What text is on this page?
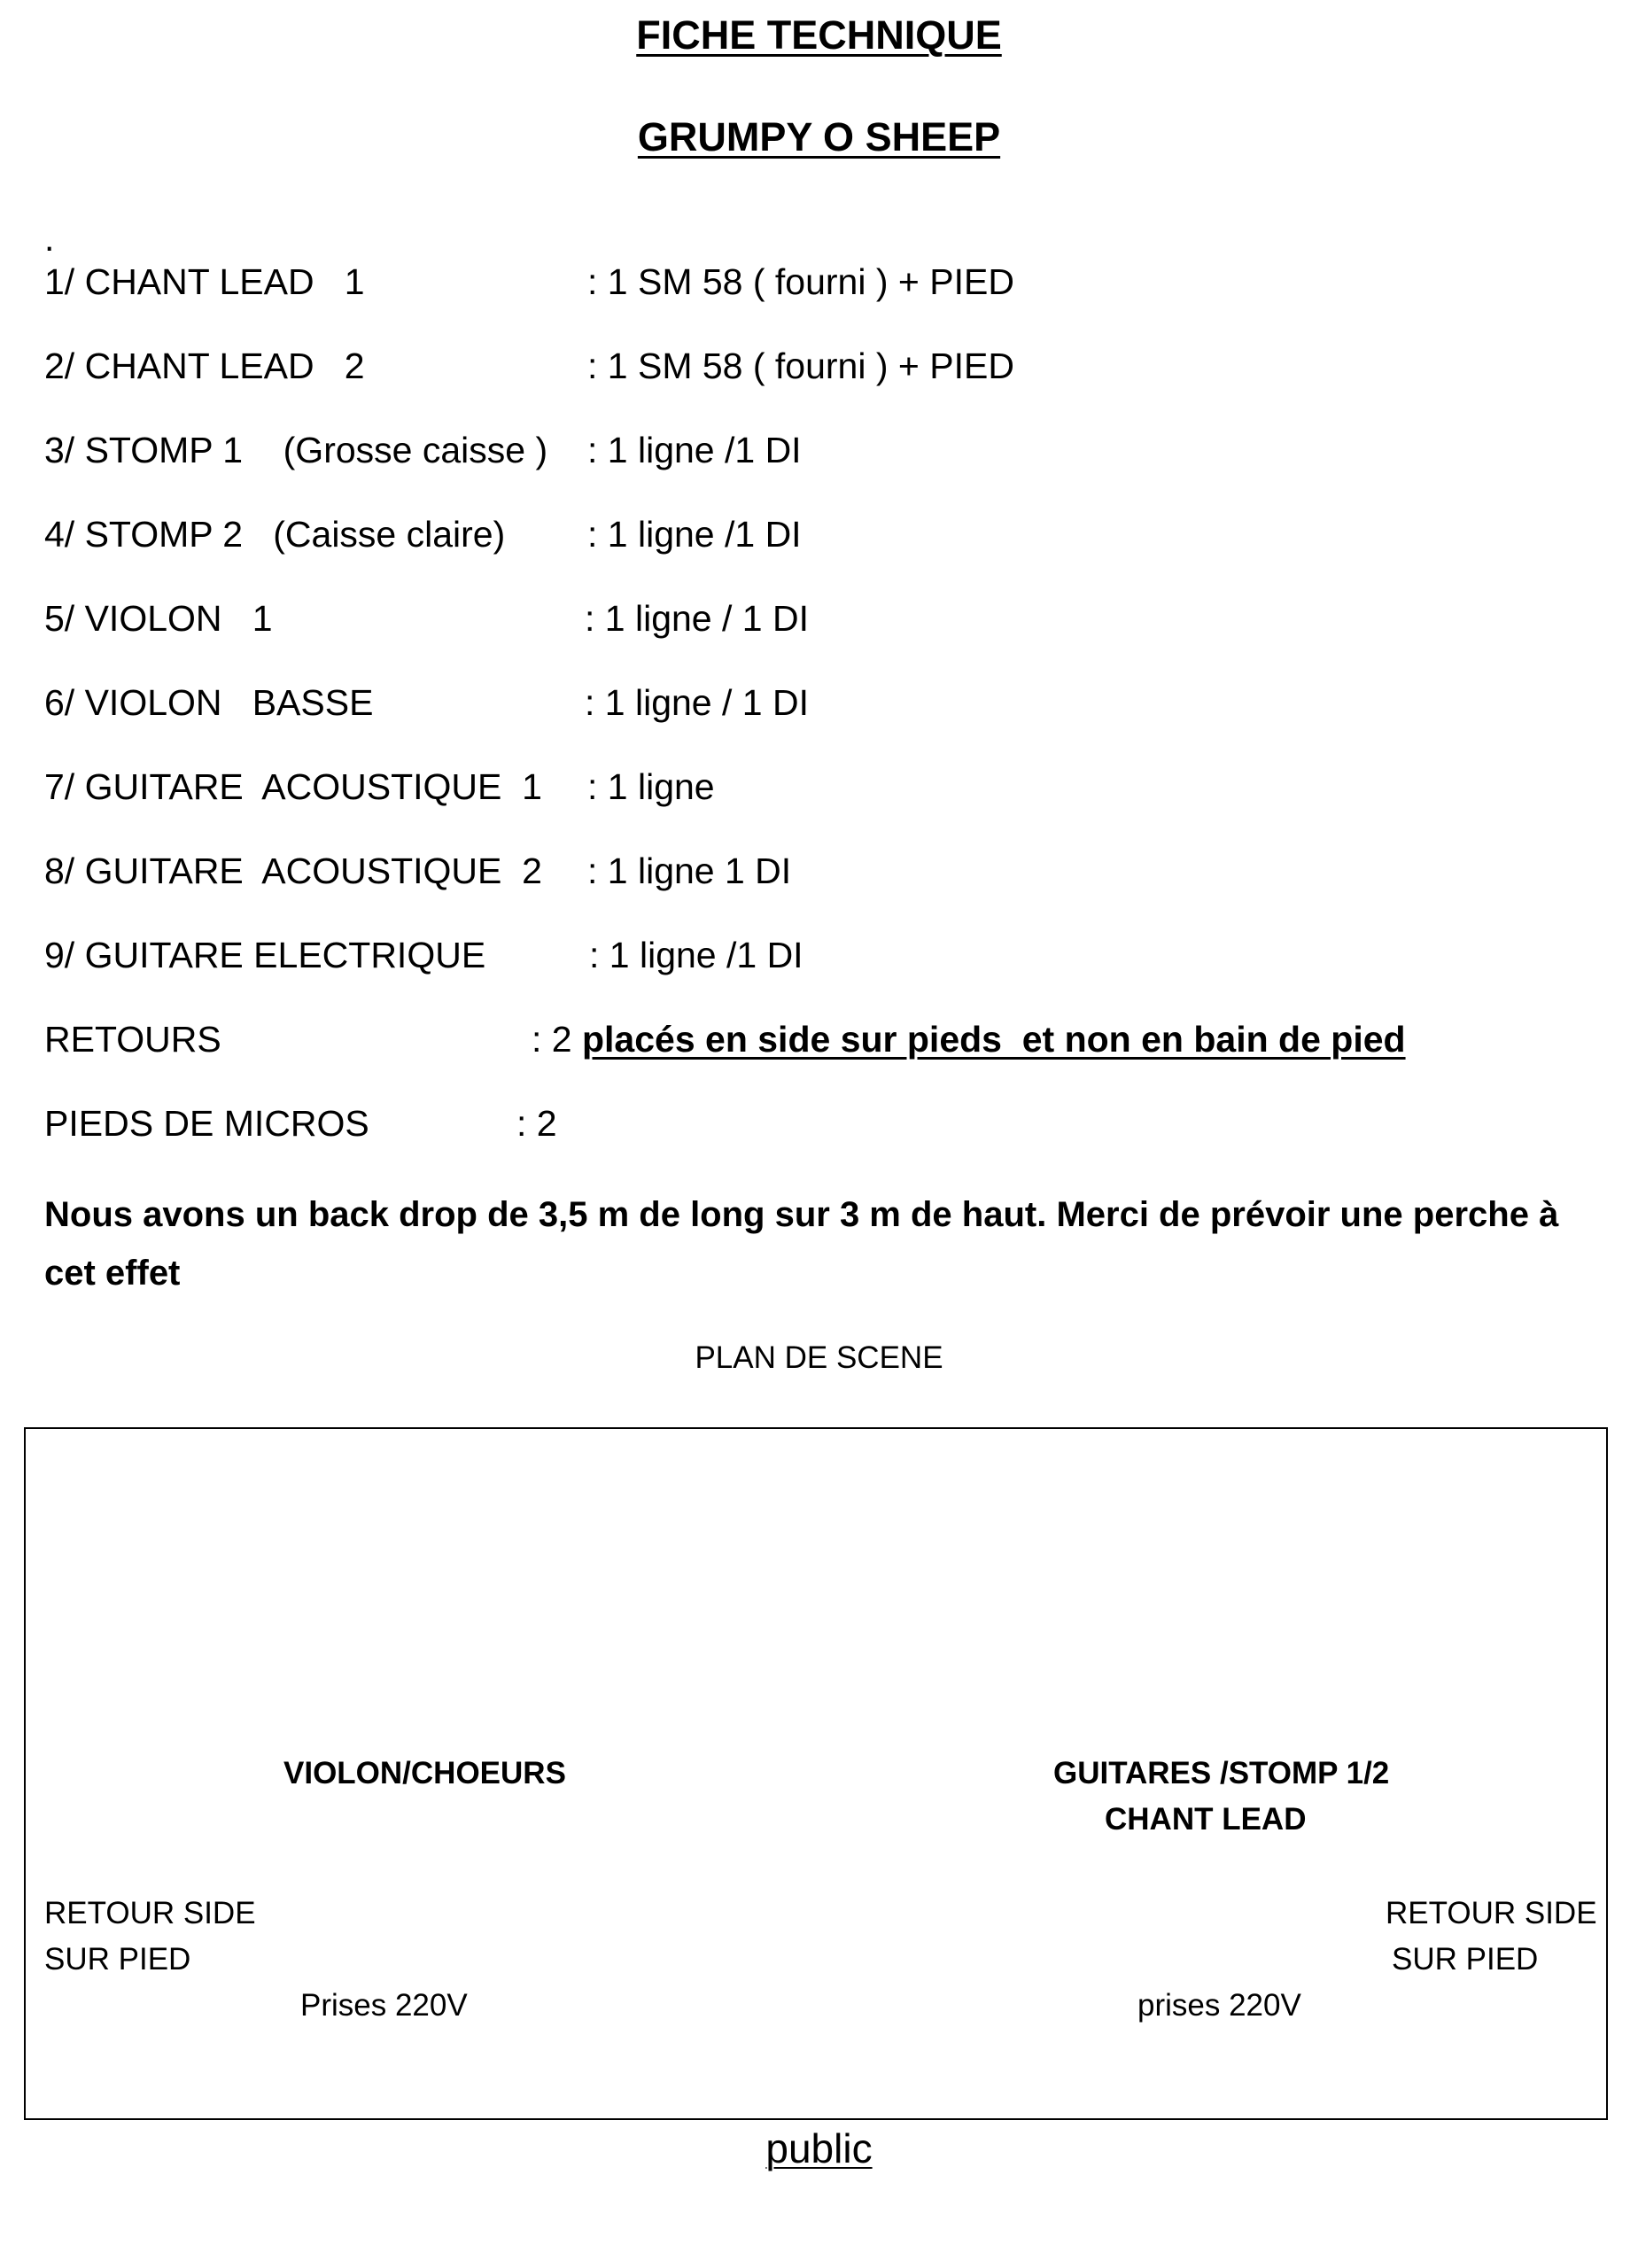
FICHE TECHNIQUE
GRUMPY O SHEEP
.
1/ CHANT LEAD   1	: 1 SM 58 ( fourni ) + PIED
2/ CHANT LEAD   2	: 1 SM 58 ( fourni ) + PIED
3/ STOMP 1    (Grosse caisse ) : 1 ligne /1 DI
4/ STOMP 2   (Caisse claire) : 1 ligne /1 DI
5/ VIOLON   1	: 1 ligne / 1 DI
6/ VIOLON   BASSE	: 1 ligne / 1 DI
7/ GUITARE  ACOUSTIQUE  1 : 1 ligne
8/ GUITARE  ACOUSTIQUE  2 : 1 ligne 1 DI
9/ GUITARE ELECTRIQUE	: 1 ligne /1 DI
RETOURS	: 2 placés en side sur pieds  et non en bain de pied
PIEDS DE MICROS	: 2
Nous avons un back drop de 3,5 m de long sur 3 m de haut. Merci de prévoir une perche à cet effet
PLAN DE SCENE
VIOLON/CHOEURS	GUITARES /STOMP 1/2
CHANT LEAD
RETOUR SIDE
SUR PIED
RETOUR SIDE
SUR PIED
Prises 220V	prises 220V
public
